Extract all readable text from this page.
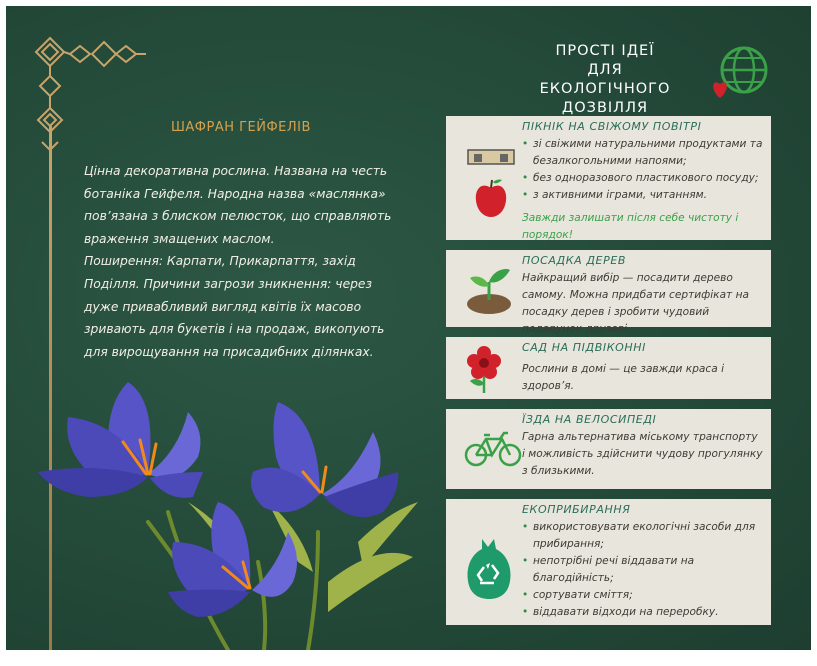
ШАФРАН ГЕЙФЕЛІВ

Цінна декоративна рослина. Названа на честь ботаніка Гейфеля. Народна назва «маслянка» пов’язана з блиском пелюсток, що справляють враження змащених маслом.

Поширення: Карпати, Прикарпаття, захід Поділля. Причини загрози зникнення: через дуже привабливий вигляд квітів їх масово зривають для букетів і на продаж, викопують для вирощування на присадибних ділянках.

ПРОСТІ ІДЕЇ
ДЛЯ ЕКОЛОГІЧНОГО
ДОЗВІЛЛЯ
ПІКНІК НА СВІЖОМУ ПОВІТРІ
• зі свіжими натуральними продуктами та безалкогольними напоями;
• без одноразового пластикового посуду;
• з активними іграми, читанням.
Завжди залишати після себе чистоту і порядок!
ПОСАДКА ДЕРЕВ
Найкращий вибір — посадити дерево самому. Можна придбати сертифікат на посадку дерев і зробити чудовий подарунок друзові.
САД НА ПІДВІКОННІ
Рослини в домі — це завжди краса і здоров’я.
ЇЗДА НА ВЕЛОСИПЕДІ
Гарна альтернатива міському транспорту і можливість здійснити чудову прогулянку з близькими.
ЕКОПРИБИРАННЯ
• використовувати екологічні засоби для прибирання;
• непотрібні речі віддавати на благодійність;
• сортувати сміття;
• віддавати відходи на переробку.
